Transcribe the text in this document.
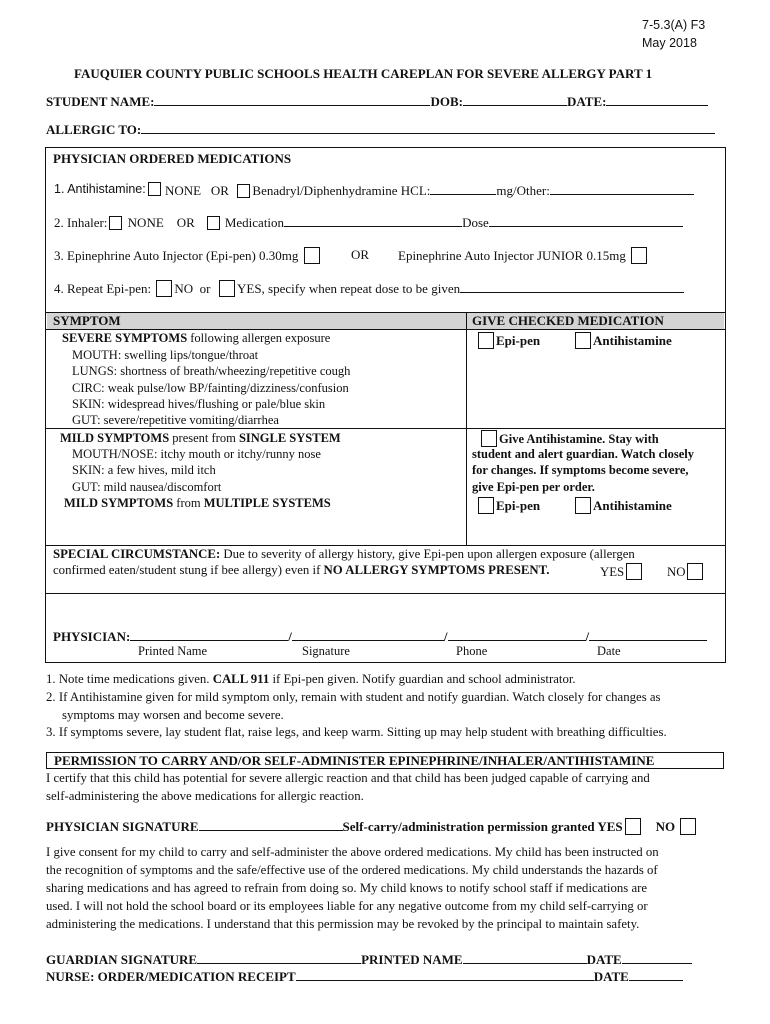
7-5.3(A) F3
May 2018
FAUQUIER COUNTY PUBLIC SCHOOLS HEALTH CAREPLAN FOR SEVERE ALLERGY PART 1
STUDENT NAME:	DOB:	DATE:
ALLERGIC TO:
PHYSICIAN ORDERED MEDICATIONS
1. Antihistamine:	NONE OR Benadryl/Diphenhydramine HCL:	mg/Other:
2. Inhaler: NONE OR Medication	Dose
3. Epinephrine Auto Injector (Epi-pen) 0.30mg	OR Epinephrine Auto Injector JUNIOR 0.15mg
4. Repeat Epi-pen: NO or YES, specify when repeat dose to be given
SYMPTOM	GIVE CHECKED MEDICATION
SEVERE SYMPTOMS following allergen exposure
MOUTH: swelling lips/tongue/throat
LUNGS: shortness of breath/wheezing/repetitive cough
CIRC: weak pulse/low BP/fainting/dizziness/confusion
SKIN: widespread hives/flushing or pale/blue skin
GUT: severe/repetitive vomiting/diarrhea
Epi-pen	Antihistamine
MILD SYMPTOMS present from SINGLE SYSTEM
MOUTH/NOSE: itchy mouth or itchy/runny nose
SKIN: a few hives, mild itch
GUT: mild nausea/discomfort
MILD SYMPTOMS from MULTIPLE SYSTEMS
Give Antihistamine. Stay with
student and alert guardian. Watch closely
for changes. If symptoms become severe,
give Epi-pen per order.
Epi-pen	Antihistamine
SPECIAL CIRCUMSTANCE: Due to severity of allergy history, give Epi-pen upon allergen exposure (allergen
confirmed eaten/student stung if bee allergy) even if NO ALLERGY SYMPTOMS PRESENT.	YES	NO
PHYSICIAN:	/	/	/
Printed Name	Signature	Phone	Date
1. Note time medications given. CALL 911 if Epi-pen given. Notify guardian and school administrator.
2. If Antihistamine given for mild symptom only, remain with student and notify guardian. Watch closely for changes as
symptoms may worsen and become severe.
3. If symptoms severe, lay student flat, raise legs, and keep warm. Sitting up may help student with breathing difficulties.
PERMISSION TO CARRY AND/OR SELF-ADMINISTER EPINEPHRINE/INHALER/ANTIHISTAMINE
I certify that this child has potential for severe allergic reaction and that child has been judged capable of carrying and
self-administering the above medications for allergic reaction.
PHYSICIAN SIGNATURE	Self-carry/administration permission granted YES	NO
I give consent for my child to carry and self-administer the above ordered medications. My child has been instructed on
the recognition of symptoms and the safe/effective use of the ordered medications. My child understands the hazards of
sharing medications and has agreed to refrain from doing so. My child knows to notify school staff if medications are
used. I will not hold the school board or its employees liable for any negative outcome from my child self-carrying or
administering the medications. I understand that this permission may be revoked by the principal to maintain safety.
GUARDIAN SIGNATURE	PRINTED NAME	DATE
NURSE: ORDER/MEDICATION RECEIPT	DATE
